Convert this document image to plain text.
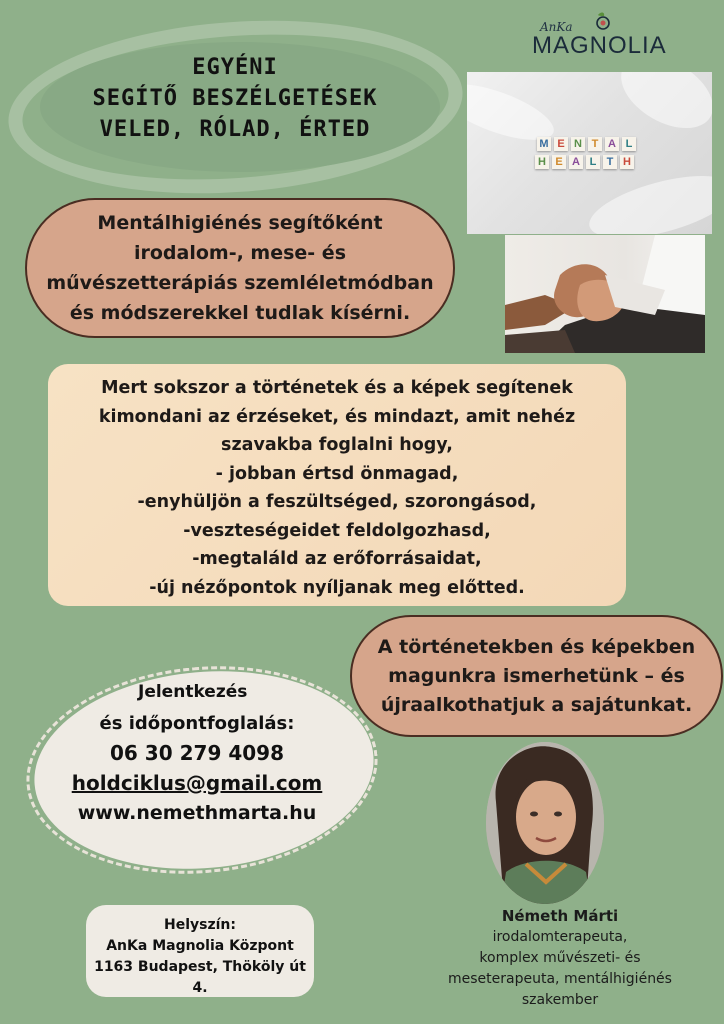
EGYÉNI
SEGÍTŐ BESZÉLGETÉSEK
VELED, RÓLAD, ÉRTED
AnKa
MAGNOLIA
M E N T A L
H E A L T H
Mentálhigiénés segítőként irodalom-, mese- és művészetterápiás szemléletmódban és módszerekkel tudlak kísérni.
Mert sokszor a történetek és a képek segítenek
kimondani az érzéseket, és mindazt, amit nehéz
szavakba foglalni hogy,
- jobban értsd önmagad,
-enyhüljön a feszültséged, szorongásod,
-veszteségeidet feldolgozhasd,
-megtaláld az erőforrásaidat,
-új nézőpontok nyíljanak meg előtted.
A történetekben és képekben magunkra ismerhetünk – és újraalkothatjuk a sajátunkat.
Jelentkezés
és időpontfoglalás:
06 30 279 4098
holdciklus@gmail.com
www.nemethmarta.hu
Helyszín:
AnKa Magnolia Központ
1163 Budapest, Thököly út 4.
Németh Márti
irodalomterapeuta,
komplex művészeti- és
meseterapeuta, mentálhigiénés
szakember
